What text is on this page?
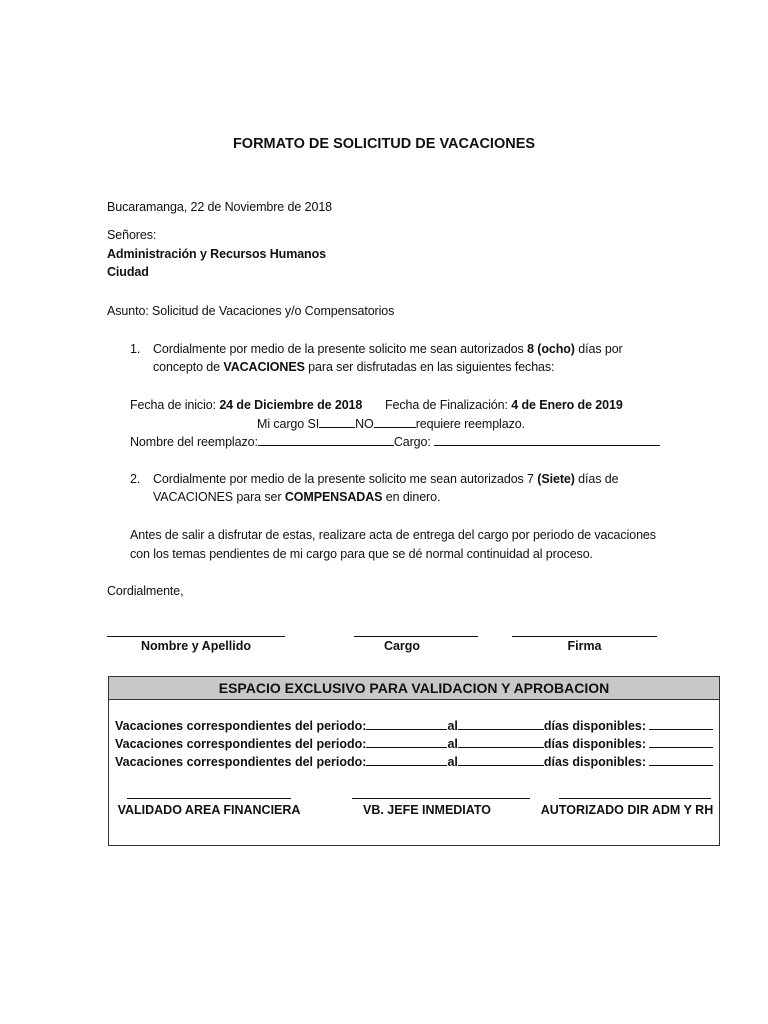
FORMATO DE SOLICITUD DE VACACIONES
Bucaramanga, 22 de Noviembre de 2018
Señores:
Administración y Recursos Humanos
Ciudad
Asunto: Solicitud de Vacaciones y/o Compensatorios
1. Cordialmente por medio de la presente solicito me sean autorizados 8 (ocho) días por
concepto de VACACIONES para ser disfrutadas en las siguientes fechas:
Fecha de inicio: 24 de Diciembre de 2018 Fecha de Finalización: 4 de Enero de 2019
Mi cargo SI	NO	requiere reemplazo.
Nombre del reemplazo:	Cargo:
2. Cordialmente por medio de la presente solicito me sean autorizados 7 (Siete) días de
VACACIONES para ser COMPENSADAS en dinero.
Antes de salir a disfrutar de estas, realizare acta de entrega del cargo por periodo de vacaciones
con los temas pendientes de mi cargo para que se dé normal continuidad al proceso.
Cordialmente,
Nombre y Apellido	Cargo	Firma
ESPACIO EXCLUSIVO PARA VALIDACION Y APROBACION
Vacaciones correspondientes del periodo:	al	días disponibles:
Vacaciones correspondientes del periodo:	al	días disponibles:
Vacaciones correspondientes del periodo:	al	días disponibles:
VALIDADO AREA FINANCIERA	VB. JEFE INMEDIATO	AUTORIZADO DIR ADM Y RH
